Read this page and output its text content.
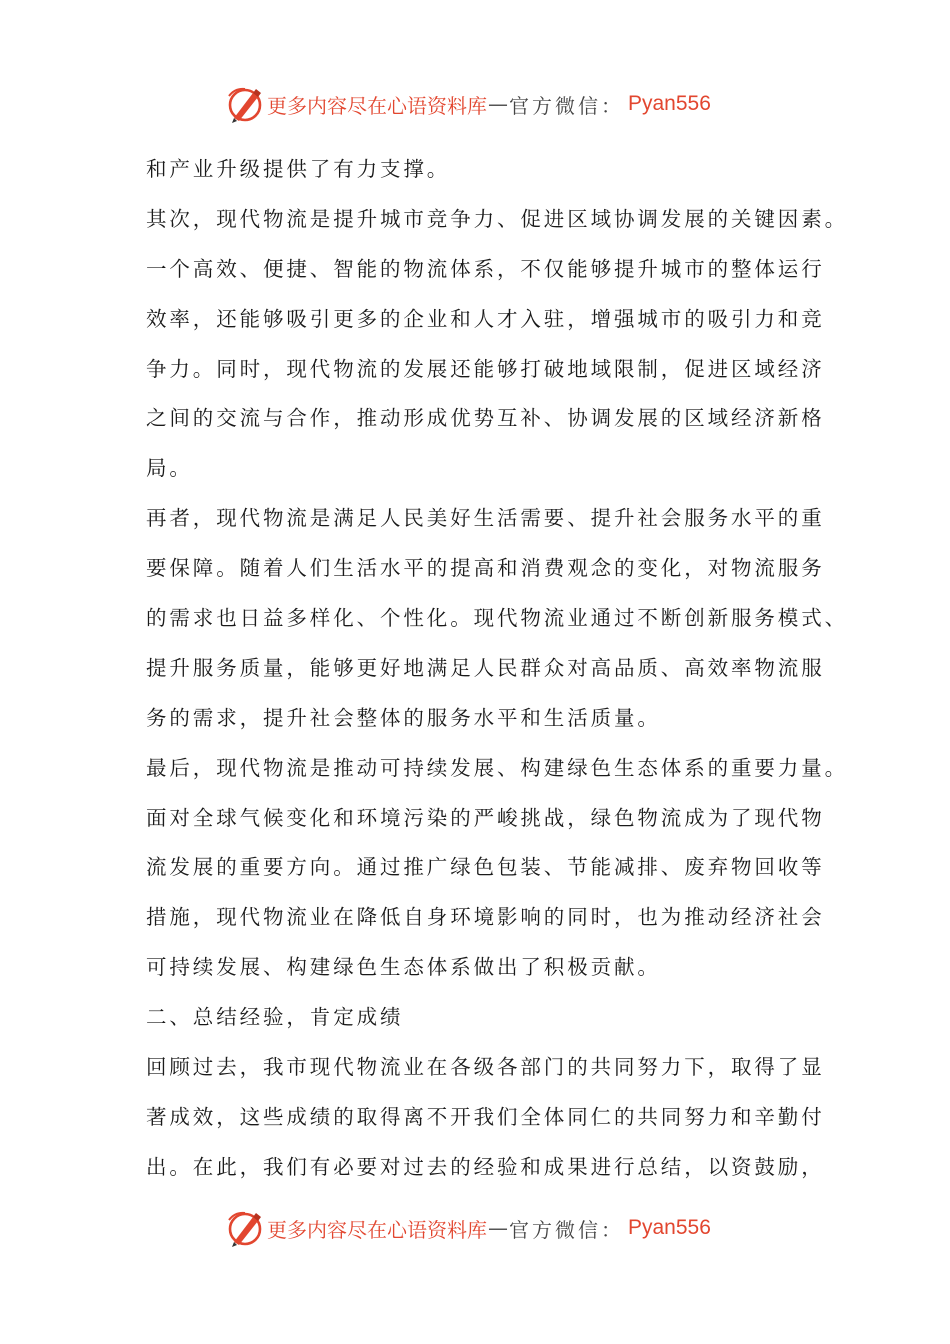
更多内容尽在心语资料库 — 官方微信： Pyan556
和产业升级提供了有力支撑。
其次，现代物流是提升城市竞争力、促进区域协调发展的关键因素。
一个高效、便捷、智能的物流体系，不仅能够提升城市的整体运行
效率，还能够吸引更多的企业和人才入驻，增强城市的吸引力和竞
争力。同时，现代物流的发展还能够打破地域限制，促进区域经济
之间的交流与合作，推动形成优势互补、协调发展的区域经济新格
局。
再者，现代物流是满足人民美好生活需要、提升社会服务水平的重
要保障。随着人们生活水平的提高和消费观念的变化，对物流服务
的需求也日益多样化、个性化。现代物流业通过不断创新服务模式、
提升服务质量，能够更好地满足人民群众对高品质、高效率物流服
务的需求，提升社会整体的服务水平和生活质量。
最后，现代物流是推动可持续发展、构建绿色生态体系的重要力量。
面对全球气候变化和环境污染的严峻挑战，绿色物流成为了现代物
流发展的重要方向。通过推广绿色包装、节能减排、废弃物回收等
措施，现代物流业在降低自身环境影响的同时，也为推动经济社会
可持续发展、构建绿色生态体系做出了积极贡献。
二、总结经验，肯定成绩
回顾过去，我市现代物流业在各级各部门的共同努力下，取得了显
著成效，这些成绩的取得离不开我们全体同仁的共同努力和辛勤付
出。在此，我们有必要对过去的经验和成果进行总结，以资鼓励，
更多内容尽在心语资料库 — 官方微信： Pyan556
